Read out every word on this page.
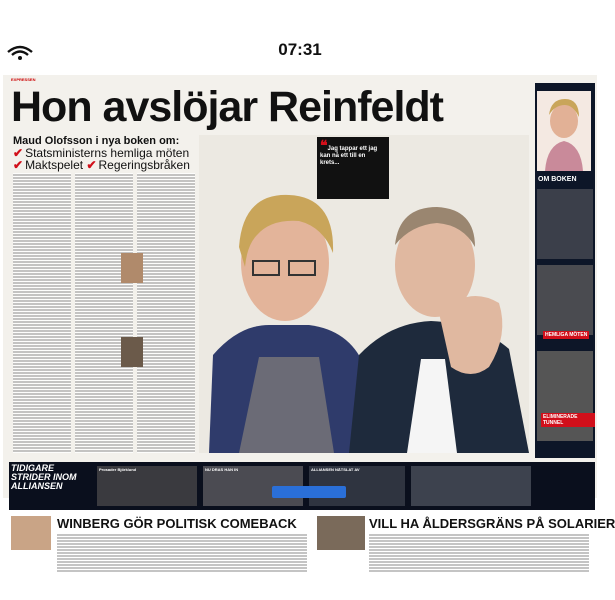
07:31
EXPRESSEN
Hon avslöjar Reinfeldt
Maud Olofsson i nya boken om:
✔ Statsministerns hemliga möten
✔ Maktspelet ✔ Regeringsbråken
❝Jag tappar ett jag kan nå ett till en krets...
OM BOKEN
HEMLIGA MÖTEN
ELIMINERADE TUNNEL
TIDIGARE STRIDER INOM ALLIANSEN
Prosader Björklund	NU DRAS HAN IN	ALLIANSEN NÄTSLAT AV
WINBERG GÖR POLITISK COMEBACK	VILL HA ÅLDERSGRÄNS PÅ SOLARIER
